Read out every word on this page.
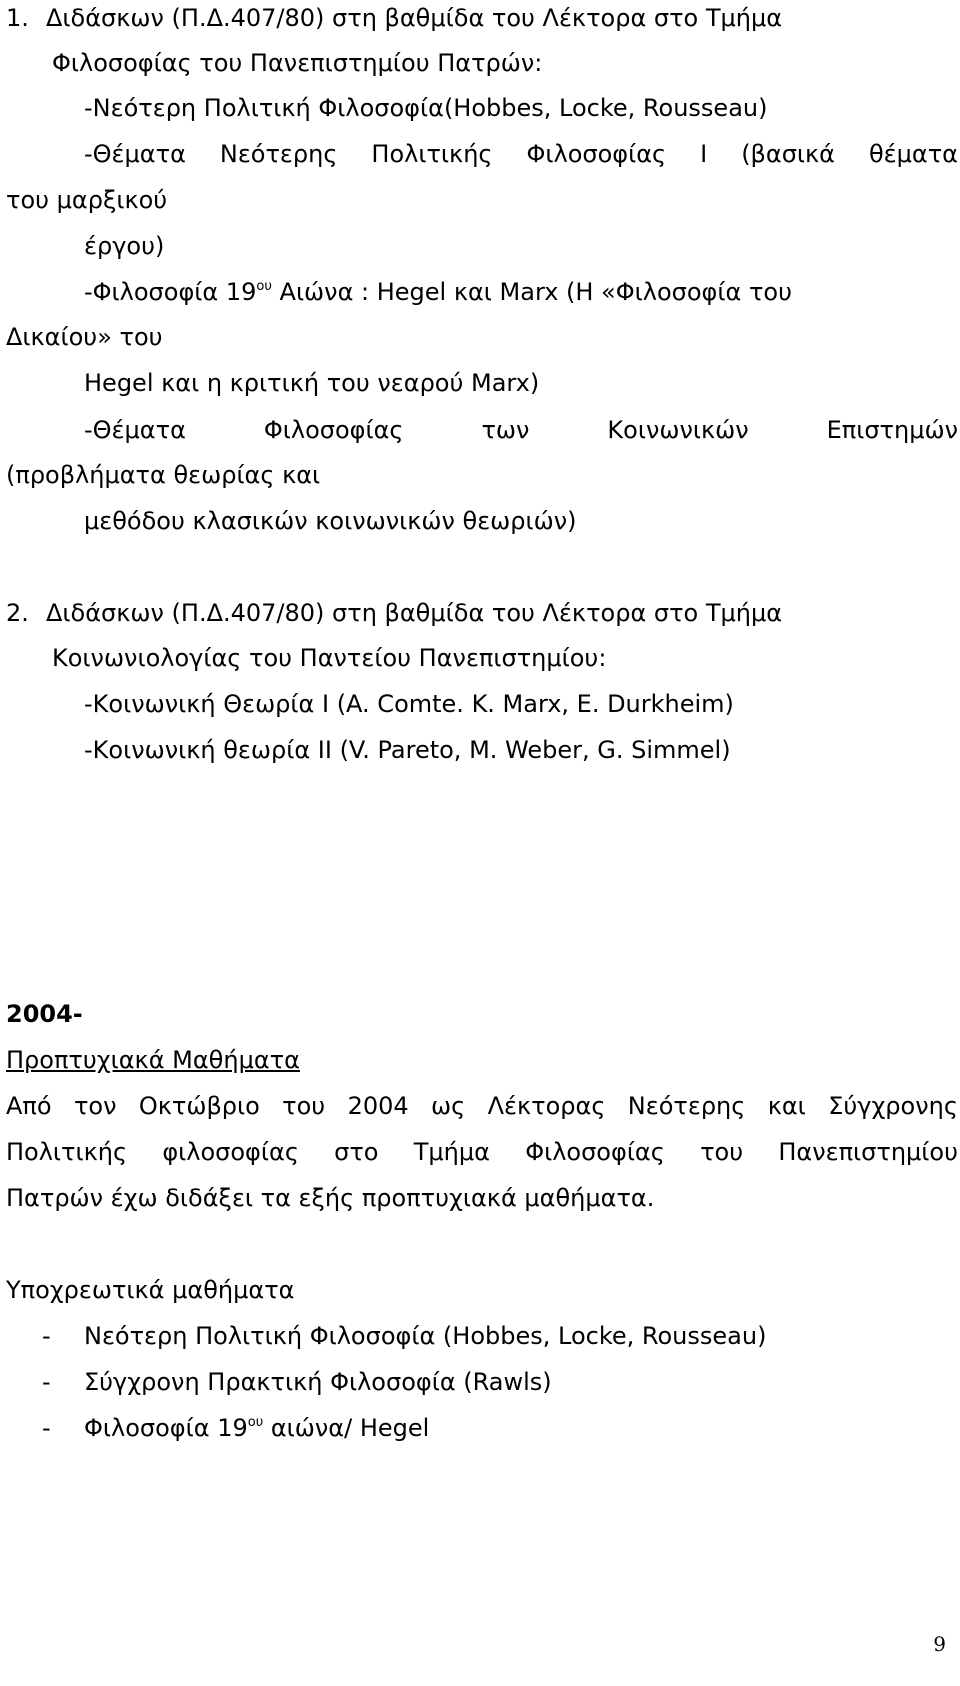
1. Διδάσκων (Π.Δ.407/80) στη βαθμίδα του Λέκτορα στο Τμήμα
Φιλοσοφίας του Πανεπιστημίου Πατρών:
-Νεότερη Πολιτική Φιλοσοφία(Hobbes, Locke, Rousseau)
-Θέματα Νεότερης Πολιτικής Φιλοσοφίας Ι (βασικά θέματα
του μαρξικού
έργου)
-Φιλοσοφία $19^{o\upsilon}$ Αιώνα : Hegel και Marx (Η «Φιλοσοφία του
Δικαίου» του
Hegel και η κριτική του νεαρού Marx)
-Θέματα	Φιλοσοφίας	των	Κοινωνικών	Επιστημών
(προβλήματα θεωρίας και
μεθόδου κλασικών κοινωνικών θεωριών)
2. Διδάσκων (Π.Δ.407/80) στη βαθμίδα του Λέκτορα στο Τμήμα
Κοινωνιολογίας του Παντείου Πανεπιστημίου:
-Κοινωνική Θεωρία Ι (A. Comte. K. Marx, E. Durkheim)
-Κοινωνική θεωρία ΙΙ (V. Pareto, M. Weber, G. Simmel)
2004-
Προπτυχιακά Μαθήματα
Από τον Οκτώβριο του 2004 ως Λέκτορας Νεότερης και Σύγχρονης
Πολιτικής φιλοσοφίας στο Τμήμα Φιλοσοφίας του Πανεπιστημίου
Πατρών έχω διδάξει τα εξής προπτυχιακά μαθήματα.
Υποχρεωτικά μαθήματα
- Νεότερη Πολιτική Φιλοσοφία (Hobbes, Locke, Rousseau)
- Σύγχρονη Πρακτική Φιλοσοφία (Rawls)
- Φιλοσοφία $19^{o\upsilon}$ αιώνα/ Hegel
9
